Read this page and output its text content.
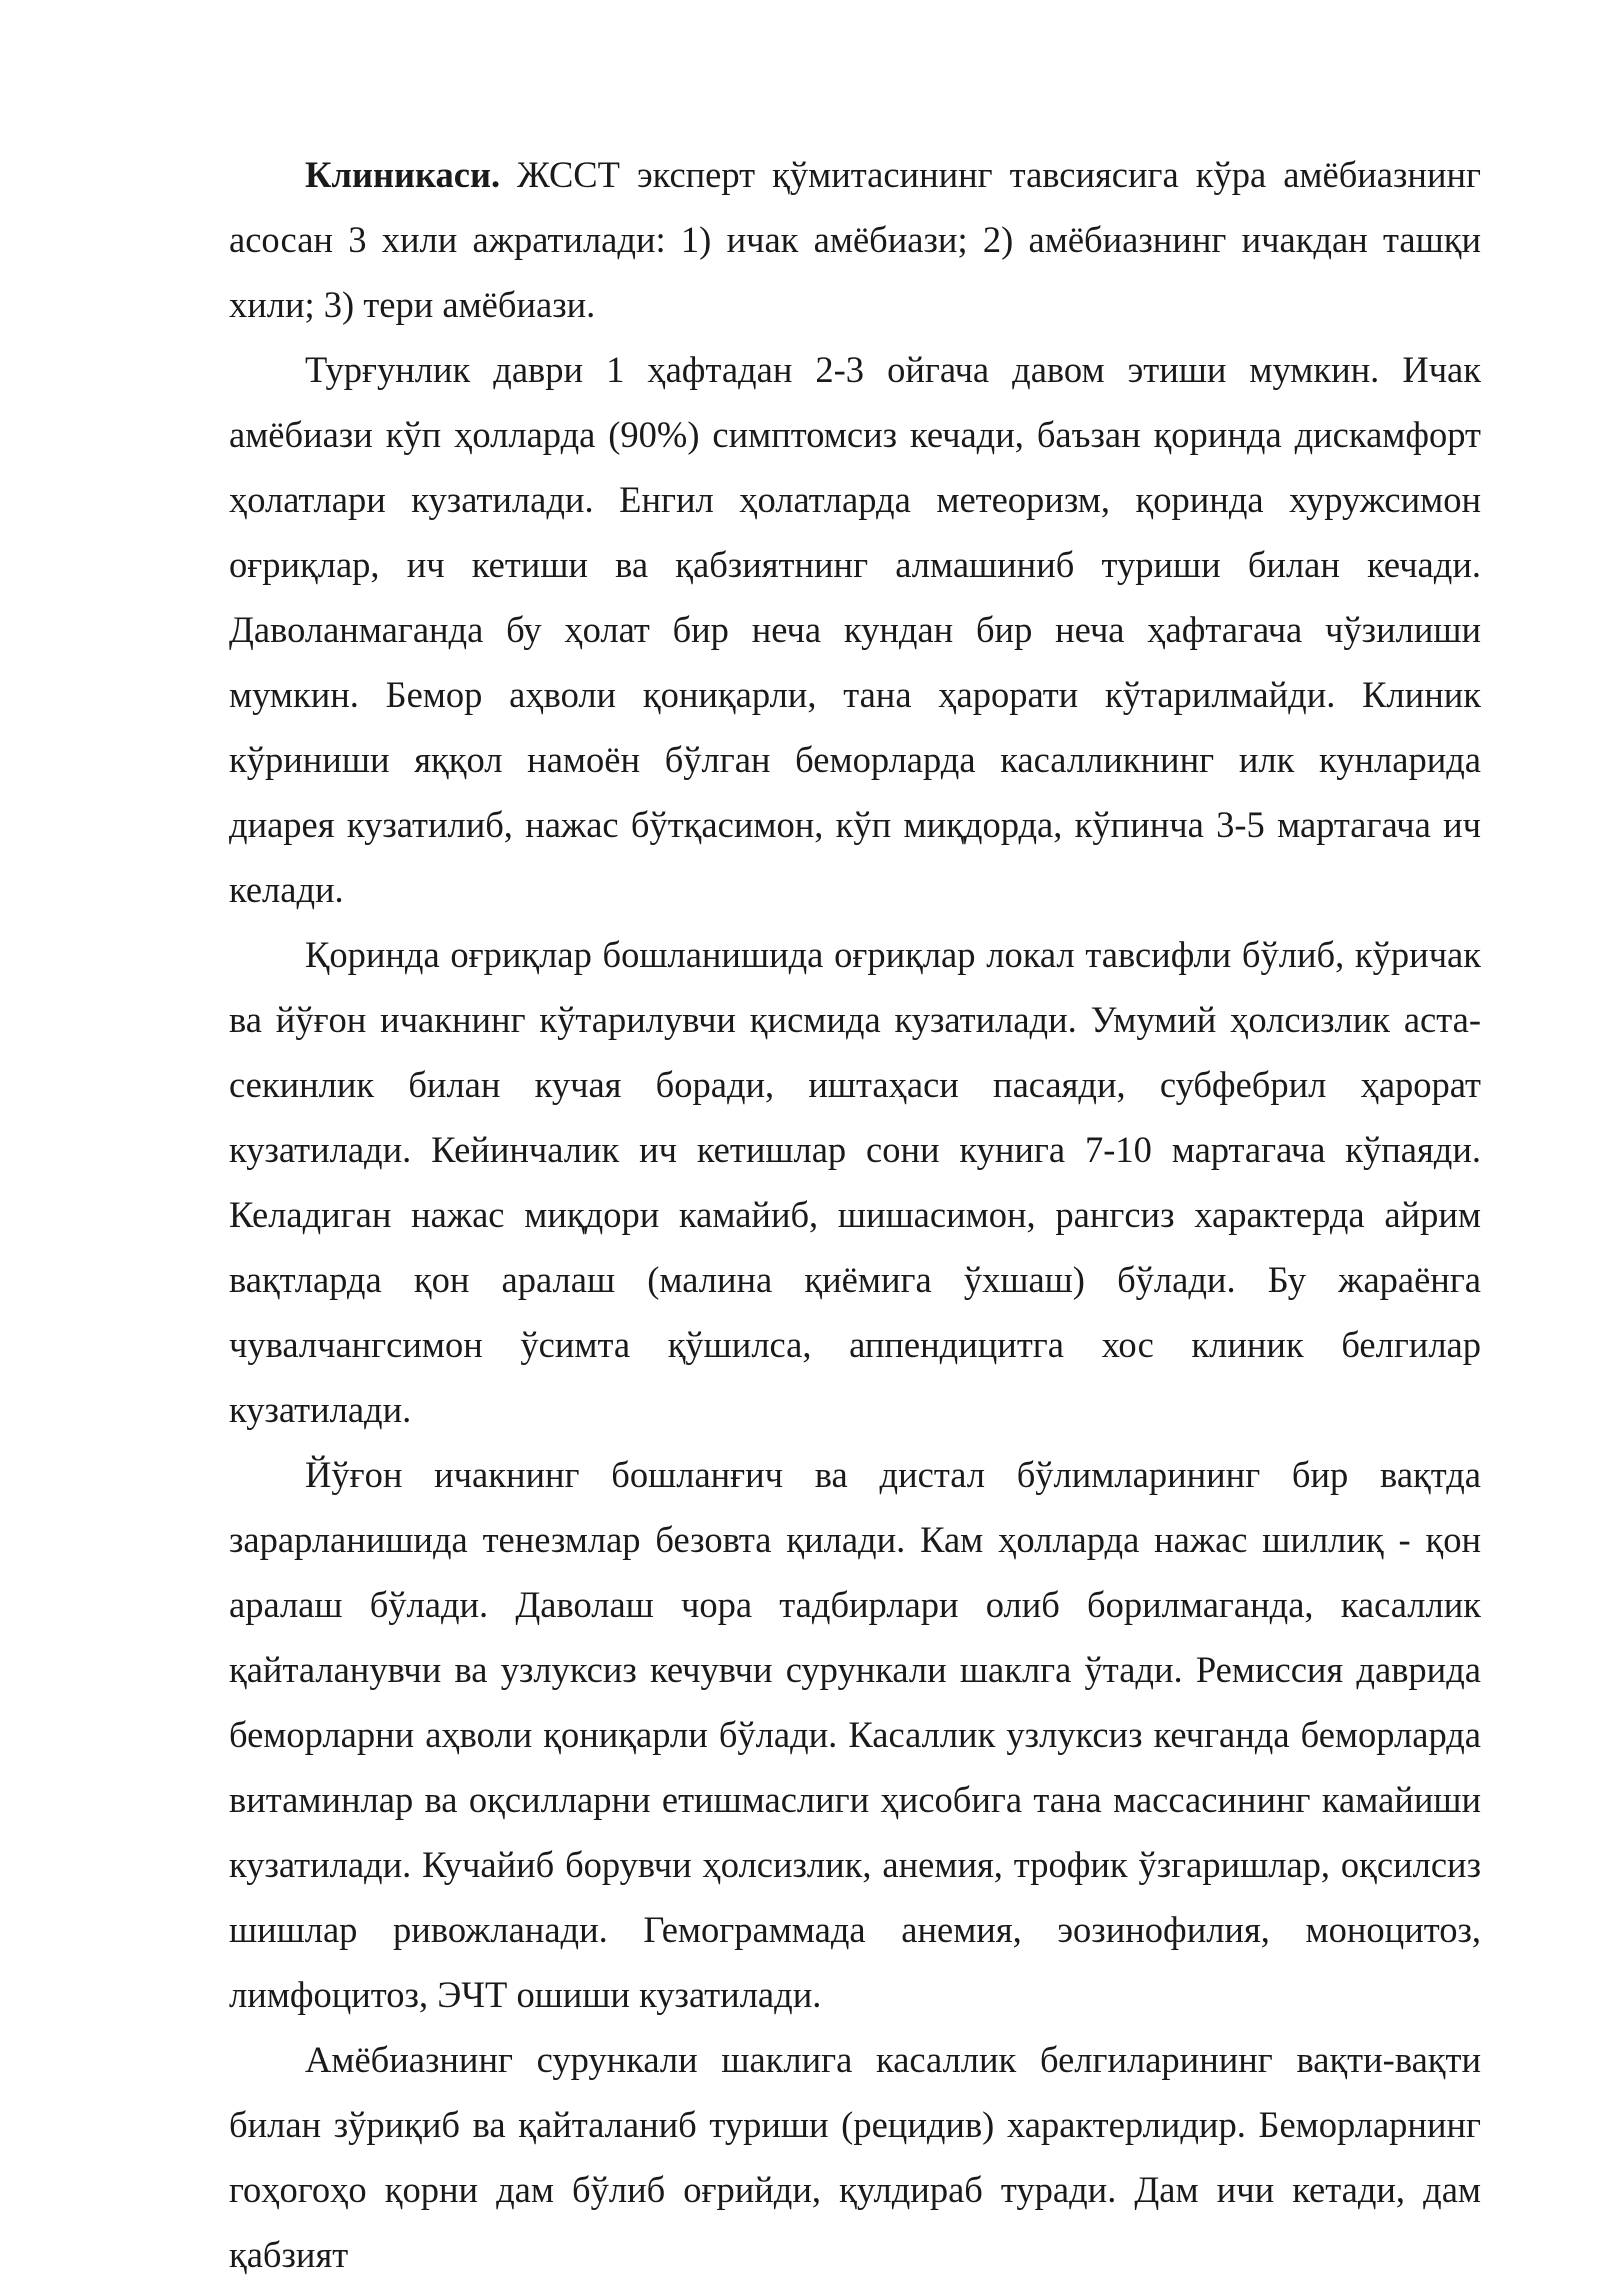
Клиникаси. ЖССТ эксперт қўмитасининг тавсиясига кўра амёбиазнинг асосан 3 хили ажратилади: 1) ичак амёбиази; 2) амёбиазнинг ичакдан ташқи хили; 3) тери амёбиази.

Турғунлик даври 1 ҳафтадан 2-3 ойгача давом этиши мумкин. Ичак амёбиази кўп ҳолларда (90%) симптомсиз кечади, баъзан қоринда дискамфорт ҳолатлари кузатилади. Енгил ҳолатларда метеоризм, қоринда хуружсимон оғриқлар, ич кетиши ва қабзиятнинг алмашиниб туриши билан кечади. Даволанмаганда бу ҳолат бир неча кундан бир неча ҳафтагача чўзилиши мумкин. Бемор аҳволи қониқарли, тана ҳарорати кўтарилмайди. Клиник кўриниши яққол намоён бўлган беморларда касалликнинг илк кунларида диарея кузатилиб, нажас бўтқасимон, кўп миқдорда, кўпинча 3-5 мартагача ич келади.

Қоринда оғриқлар бошланишида оғриқлар локал тавсифли бўлиб, кўричак ва йўғон ичакнинг кўтарилувчи қисмида кузатилади. Умумий ҳолсизлик астасекинлик билан кучая боради, иштаҳаси пасаяди, субфебрил ҳарорат кузатилади. Кейинчалик ич кетишлар сони кунига 7-10 мартагача кўпаяди. Келадиган нажас миқдори камайиб, шишасимон, рангсиз характерда айрим вақтларда қон аралаш (малина қиёмига ўхшаш) бўлади. Бу жараёнга чувалчангсимон ўсимта қўшилса, аппендицитга хос клиник белгилар кузатилади.

Йўғон ичакнинг бошланғич ва дистал бўлимларининг бир вақтда зарарланишида тенезмлар безовта қилади. Кам ҳолларда нажас шиллиқ - қон аралаш бўлади. Даволаш чора тадбирлари олиб борилмаганда, касаллик қайталанувчи ва узлуксиз кечувчи сурункали шаклга ўтади. Ремиссия даврида беморларни аҳволи қониқарли бўлади. Касаллик узлуксиз кечганда беморларда витаминлар ва оқсилларни етишмаслиги ҳисобига тана массасининг камайиши кузатилади. Кучайиб борувчи ҳолсизлик, анемия, трофик ўзгаришлар, оқсилсиз шишлар ривожланади. Гемограммада анемия, эозинофилия, моноцитоз, лимфоцитоз, ЭЧТ ошиши кузатилади.

Амёбиазнинг сурункали шаклига касаллик белгиларининг вақти-вақти билан зўриқиб ва қайталаниб туриши (рецидив) характерлидир. Беморларнинг гоҳогоҳо қорни дам бўлиб оғрийди, қулдираб туради. Дам ичи кетади, дам қабзият
